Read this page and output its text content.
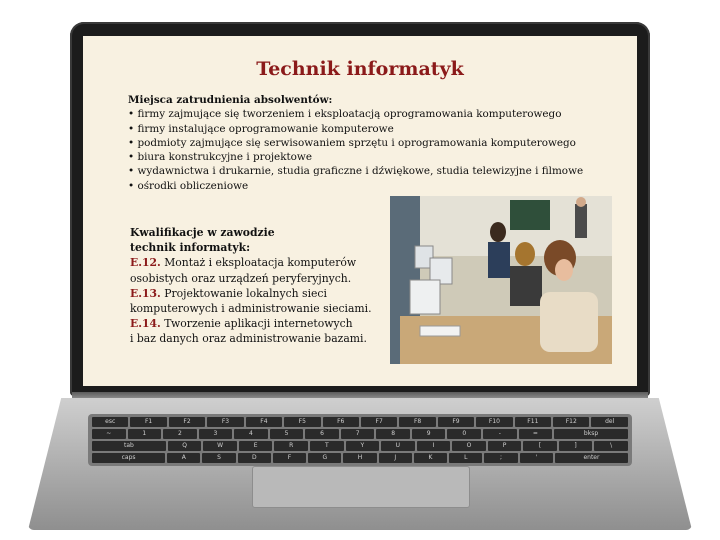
Technik informatyk
Miejsca zatrudnienia absolwentów:
• firmy zajmujące się tworzeniem i eksploatacją oprogramowania komputerowego
• firmy instalujące oprogramowanie komputerowe
• podmioty zajmujące się serwisowaniem sprzętu i oprogramowania komputerowego
• biura konstrukcyjne i projektowe
• wydawnictwa i drukarnie, studia graficzne i dźwiękowe, studia telewizyjne i filmowe
• ośrodki obliczeniowe
Kwalifikacje w zawodzie
technik informatyk:
E.12. Montaż i eksploatacja komputerów
osobistych oraz urządzeń peryferyjnych.
E.13. Projektowanie lokalnych sieci
komputerowych i administrowanie sieciami.
E.14. Tworzenie aplikacji internetowych
i baz danych oraz administrowanie bazami.
esc	F1	F2	F3	F4	F5	F6	F7	F8	F9	F10	F11	F12	del
~	1	2	3	4	5	6	7	8	9	0	-	=	bksp
tab	Q	W	E	R	T	Y	U	I	O	P	[	]	\
caps	A	S	D	F	G	H	J	K	L	;	'	enter
